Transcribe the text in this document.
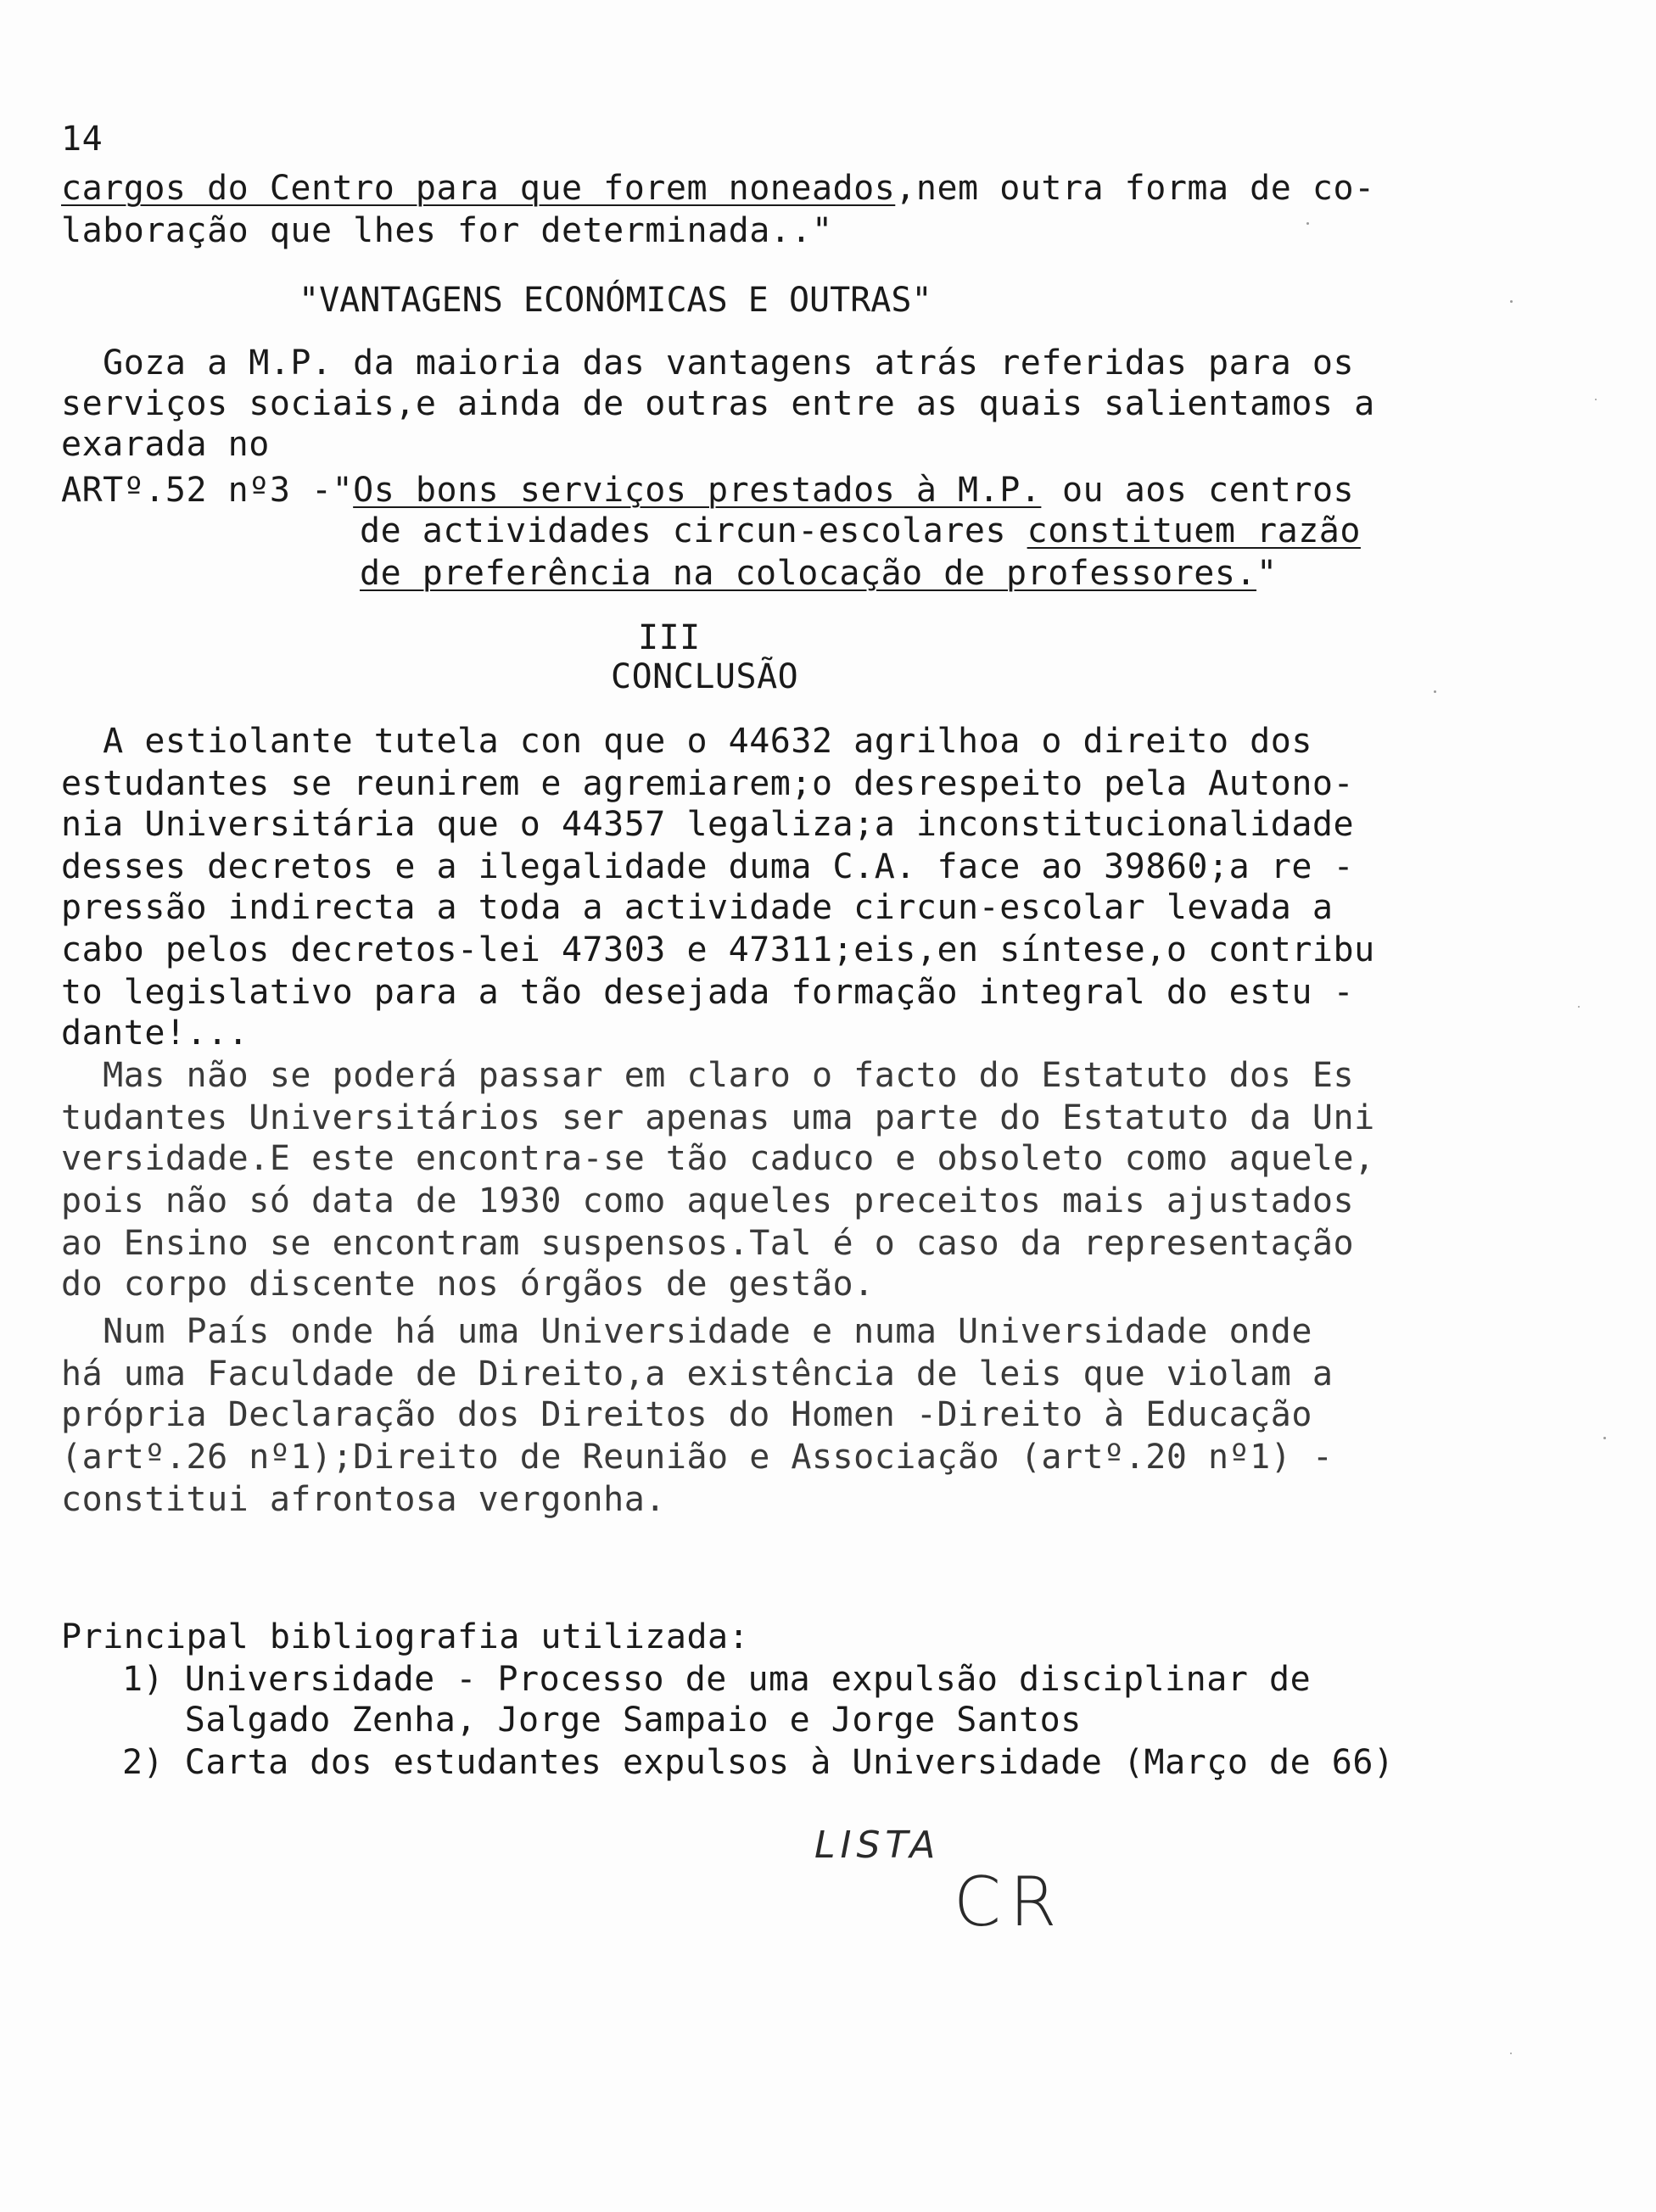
14
cargos do Centro para que forem noneados,nem outra forma de co-
laboração que lhes for determinada.."
"VANTAGENS ECONÓMICAS E OUTRAS"
Goza a M.P. da maioria das vantagens atrás referidas para os
serviços sociais,e ainda de outras entre as quais salientamos a
exarada no
ARTº.52 nº3 -"Os bons serviços prestados à M.P. ou aos centros
de actividades circun-escolares constituem razão
de preferência na colocação de professores."
III
CONCLUSÃO
A estiolante tutela con que o 44632 agrilhoa o direito dos
estudantes se reunirem e agremiarem;o desrespeito pela Autono-
nia Universitária que o 44357 legaliza;a inconstitucionalidade
desses decretos e a ilegalidade duma C.A. face ao 39860;a re -
pressão indirecta a toda a actividade circun-escolar levada a
cabo pelos decretos-lei 47303 e 47311;eis,en síntese,o contribu
to legislativo para a tão desejada formação integral do estu -
dante!...
Mas não se poderá passar em claro o facto do Estatuto dos Es
tudantes Universitários ser apenas uma parte do Estatuto da Uni
versidade.E este encontra-se tão caduco e obsoleto como aquele,
pois não só data de 1930 como aqueles preceitos mais ajustados
ao Ensino se encontram suspensos.Tal é o caso da representação
do corpo discente nos órgãos de gestão.
Num País onde há uma Universidade e numa Universidade onde
há uma Faculdade de Direito,a existência de leis que violam a
própria Declaração dos Direitos do Homen -Direito à Educação
(artº.26 nº1);Direito de Reunião e Associação (artº.20 nº1) -
constitui afrontosa vergonha.
Principal bibliografia utilizada:
1) Universidade - Processo de uma expulsão disciplinar de
Salgado Zenha, Jorge Sampaio e Jorge Santos
2) Carta dos estudantes expulsos à Universidade (Março de 66)
LISTA
CR
